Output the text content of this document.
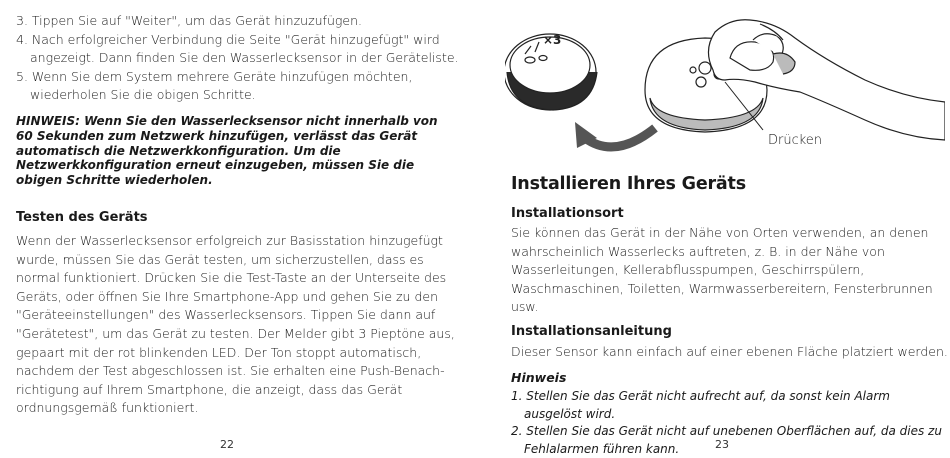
3. Tippen Sie auf "Weiter", um das Gerät hinzuzufügen.
4. Nach erfolgreicher Verbindung die Seite "Gerät hinzugefügt" wird angezeigt. Dann finden Sie den Wasserlecksensor in der Geräteliste.
5. Wenn Sie dem System mehrere Geräte hinzufügen möchten, wiederholen Sie die obigen Schritte.

HINWEIS: Wenn Sie den Wasserlecksensor nicht innerhalb von 60 Sekunden zum Netzwerk hinzufügen, verlässt das Gerät automatisch die Netzwerkkonfiguration. Um die Netzwerkkonfiguration erneut einzugeben, müssen Sie die obigen Schritte wiederholen.

Testen des Geräts

Wenn der Wasserlecksensor erfolgreich zur Basisstation hinzugefügt wurde, müssen Sie das Gerät testen, um sicherzustellen, dass es normal funktioniert. Drücken Sie die Test-Taste an der Unterseite des Geräts, oder öffnen Sie Ihre Smartphone-App und gehen Sie zu den "Geräteeinstellungen" des Wasserlecksensors. Tippen Sie dann auf "Gerätetest", um das Gerät zu testen. Der Melder gibt 3 Pieptöne aus, gepaart mit der rot blinkenden LED. Der Ton stoppt automatisch, nachdem der Test abgeschlossen ist. Sie erhalten eine Push-Benachrichtigung auf Ihrem Smartphone, die anzeigt, dass das Gerät ordnungsgemäß funktioniert.

22
×3
Drücken
Installieren Ihres Geräts
Installationsort

Sie können das Gerät in der Nähe von Orten verwenden, an denen wahrscheinlich Wasserlecks auftreten, z. B. in der Nähe von Wasserleitungen, Kellerabflusspumpen, Geschirrspülern, Waschmaschinen, Toiletten, Warmwasserbereitern, Fensterbrunnen usw.

Installationsanleitung

Dieser Sensor kann einfach auf einer ebenen Fläche platziert werden.

Hinweis
1. Stellen Sie das Gerät nicht aufrecht auf, da sonst kein Alarm ausgelöst wird.
2. Stellen Sie das Gerät nicht auf unebenen Oberflächen auf, da dies zu Fehlalarmen führen kann.	23
